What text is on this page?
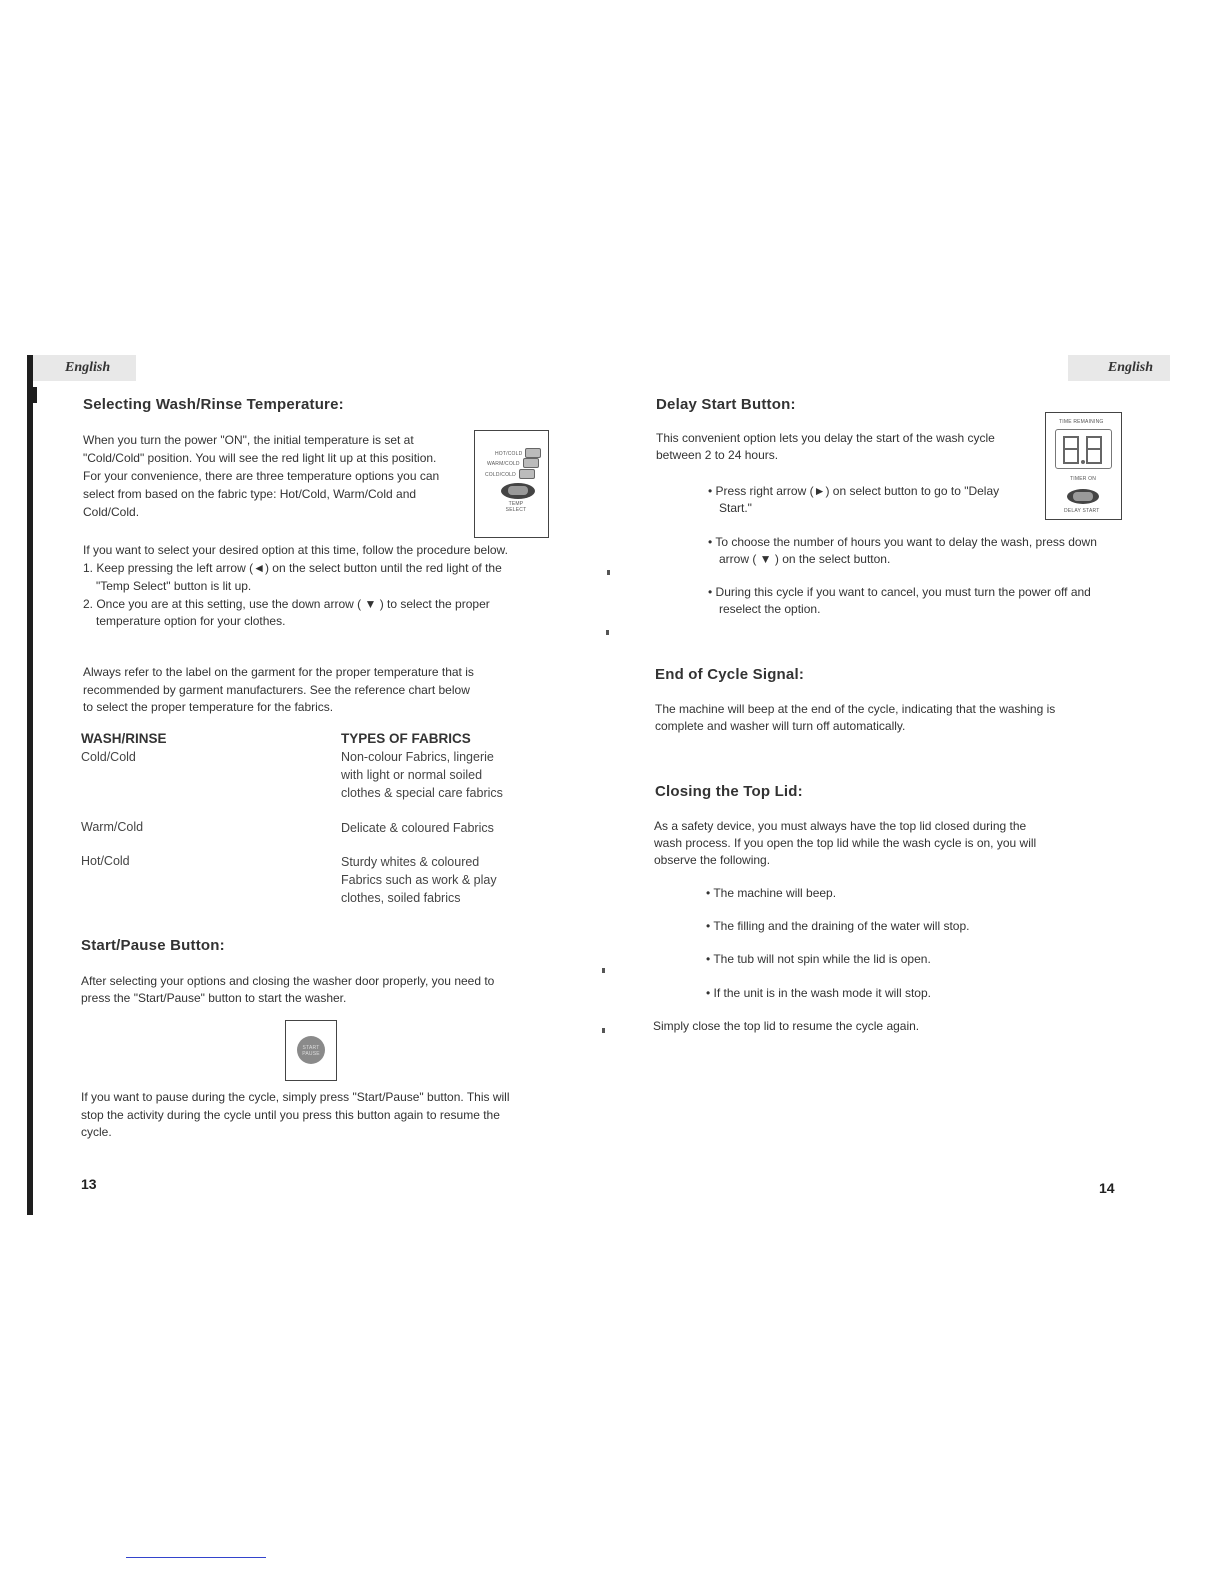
English
Selecting Wash/Rinse Temperature:

When you turn the power "ON", the initial temperature is set at

"Cold/Cold" position. You will see the red light lit up at this position.

For your convenience, there are three temperature options you can

select from based on the fabric type: Hot/Cold, Warm/Cold and

Cold/Cold.

HOT/COLD
WARM/COLD
COLD/COLD
TEMP SELECT

If you want to select your desired option at this time, follow the procedure below.

1. Keep pressing the left arrow (◄) on the select button until the red light of the

"Temp Select" button is lit up.

2. Once you are at this setting, use the down arrow ( ▼ ) to select the proper

temperature option for your clothes.

Always refer to the label on the garment for the proper temperature that is

recommended by garment manufacturers. See the reference chart below

to select the proper temperature for the fabrics.

WASH/RINSE	TYPES OF FABRICS
Cold/Cold	Non-colour Fabrics, lingerie
with light or normal soiled
clothes & special care fabrics
Warm/Cold	Delicate & coloured Fabrics
Hot/Cold	Sturdy whites & coloured
Fabrics such as work & play
clothes, soiled fabrics
Start/Pause Button:

After selecting your options and closing the washer door properly, you need to

press the "Start/Pause" button to start the washer.

START PAUSE

If you want to pause during the cycle, simply press "Start/Pause" button. This will

stop the activity during the cycle until you press this button again to resume the

cycle.

13
English
Delay Start Button:

This convenient option lets you delay the start of the wash cycle

between 2 to 24 hours.

TIME REMAINING
TIMER ON
DELAY START

• Press right arrow (►) on select button to go to "Delay

Start."

• To choose the number of hours you want to delay the wash, press down

arrow ( ▼ ) on the select button.

• During this cycle if you want to cancel, you must turn the power off and

reselect the option.

End of Cycle Signal:

The machine will beep at the end of the cycle, indicating that the washing is

complete and washer will turn off automatically.

Closing the Top Lid:

As a safety device, you must always have the top lid closed during the

wash process. If you open the top lid while the wash cycle is on, you will

observe the following.

• The machine will beep.

• The filling and the draining of the water will stop.

• The tub will not spin while the lid is open.

• If the unit is in the wash mode it will stop.

Simply close the top lid to resume the cycle again.

14
